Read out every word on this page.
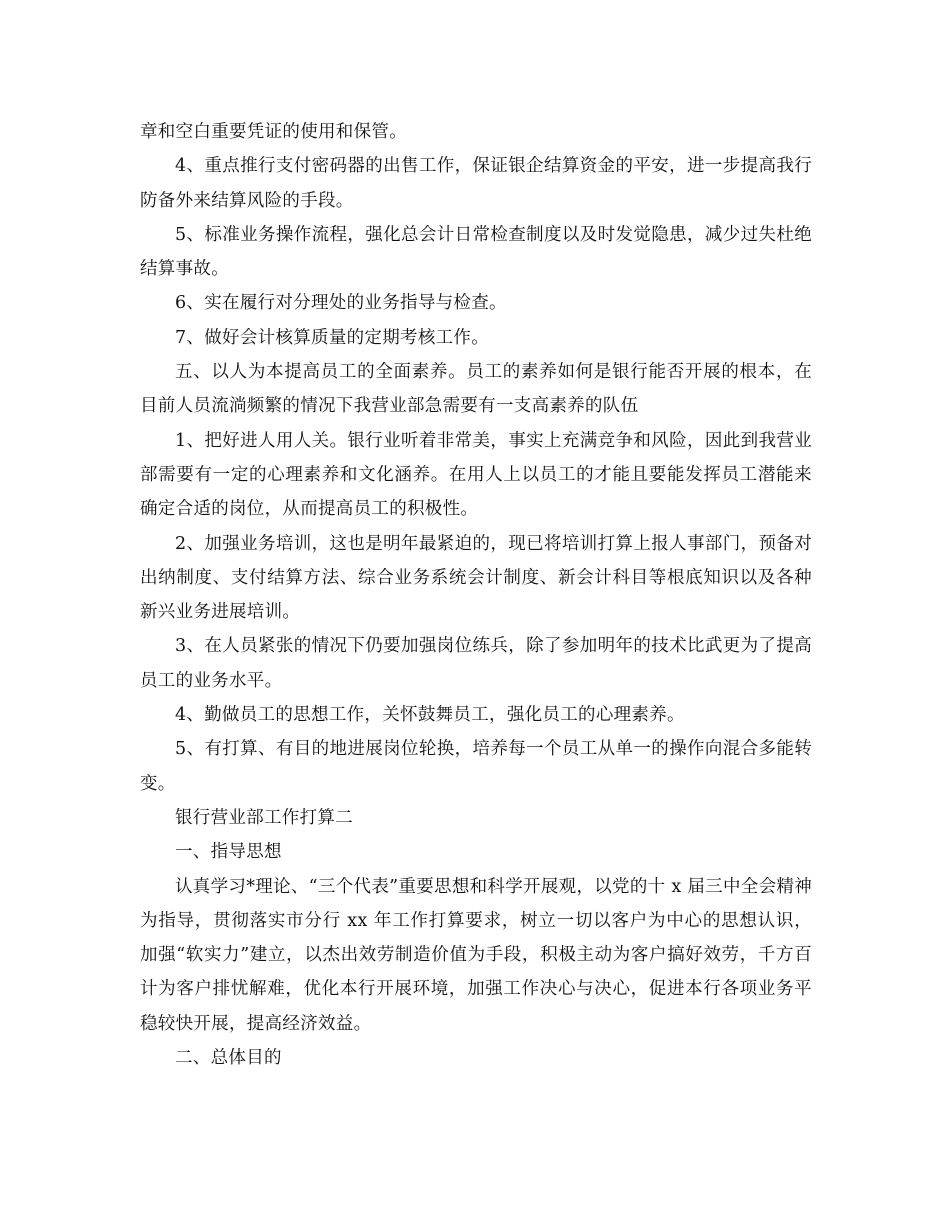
章和空白重要凭证的使用和保管。

4、重点推行支付密码器的出售工作，保证银企结算资金的平安，进一步提高我行防备外来结算风险的手段。

5、标准业务操作流程，强化总会计日常检查制度以及时发觉隐患，减少过失杜绝结算事故。

6、实在履行对分理处的业务指导与检查。

7、做好会计核算质量的定期考核工作。

五、以人为本提高员工的全面素养。员工的素养如何是银行能否开展的根本，在目前人员流淌频繁的情况下我营业部急需要有一支高素养的队伍

1、把好进人用人关。银行业听着非常美，事实上充满竞争和风险，因此到我营业部需要有一定的心理素养和文化涵养。在用人上以员工的才能且要能发挥员工潜能来确定合适的岗位，从而提高员工的积极性。

2、加强业务培训，这也是明年最紧迫的，现已将培训打算上报人事部门，预备对出纳制度、支付结算方法、综合业务系统会计制度、新会计科目等根底知识以及各种新兴业务进展培训。

3、在人员紧张的情况下仍要加强岗位练兵，除了参加明年的技术比武更为了提高员工的业务水平。

4、勤做员工的思想工作，关怀鼓舞员工，强化员工的心理素养。

5、有打算、有目的地进展岗位轮换，培养每一个员工从单一的操作向混合多能转变。

银行营业部工作打算二

一、指导思想

认真学习*理论、“三个代表”重要思想和科学开展观，以党的十 x 届三中全会精神为指导，贯彻落实市分行 xx 年工作打算要求，树立一切以客户为中心的思想认识，加强“软实力”建立，以杰出效劳制造价值为手段，积极主动为客户搞好效劳，千方百计为客户排忧解难，优化本行开展环境，加强工作决心与决心，促进本行各项业务平稳较快开展，提高经济效益。

二、总体目的
